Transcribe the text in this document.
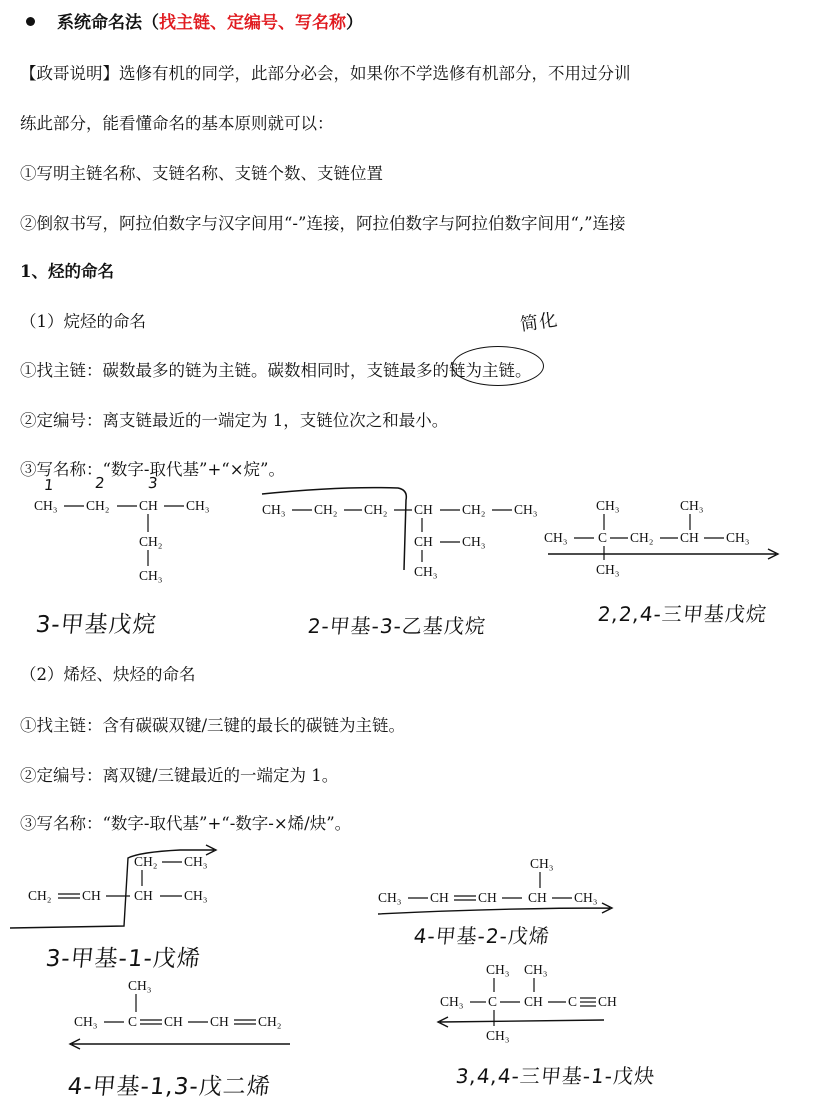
系统命名法（找主链、定编号、写名称）
【政哥说明】选修有机的同学，此部分必会，如果你不学选修有机部分，不用过分训
练此部分，能看懂命名的基本原则就可以：
①写明主链名称、支链名称、支链个数、支链位置
②倒叙书写，阿拉伯数字与汉字间用“-”连接，阿拉伯数字与阿拉伯数字间用“,”连接
1、烃的命名
（1）烷烃的命名
①找主链：碳数最多的链为主链。碳数相同时，支链最多的链为主链。
简化
②定编号：离支链最近的一端定为 1，支链位次之和最小。
③写名称：“数字-取代基”+“×烷”。
1	2	3
CH₃ CH₂ CH CH₃
CH₂
CH₃
CH₃ CH₂ CH₂ CH CH₂ CH₃
CH CH₃
CH₃
CH₃	CH₃
CH₃ C CH₂ CH CH₃
CH₃
CH₂ CH₃
CH₂ CH CH CH₃
CH₃
CH₃ CH CH CH CH₃
CH₃
CH₃ C CH CH CH₂
CH₃ CH₃
CH₃ C CH C CH
CH₃
3-甲基戊烷	2-甲基-3-乙基戊烷	2,2,4-三甲基戊烷
（2）烯烃、炔烃的命名
①找主链：含有碳碳双键/三键的最长的碳链为主链。
②定编号：离双键/三键最近的一端定为 1。
③写名称：“数字-取代基”+“-数字-×烯/炔”。
3-甲基-1-戊烯
4-甲基-2-戊烯
4-甲基-1,3-戊二烯	3,4,4-三甲基-1-戊炔
